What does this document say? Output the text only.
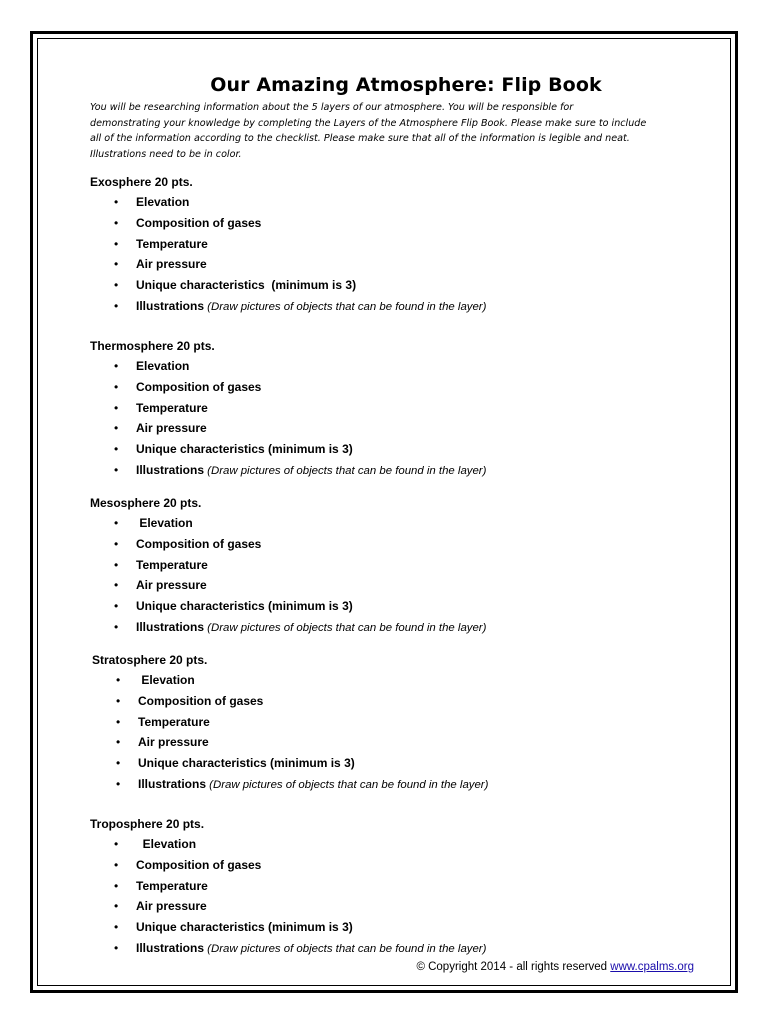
Our Amazing Atmosphere: Flip Book
You will be researching information about the 5 layers of our atmosphere. You will be responsible for
demonstrating your knowledge by completing the Layers of the Atmosphere Flip Book. Please make sure to include
all of the information according to the checklist. Please make sure that all of the information is legible and neat.
Illustrations need to be in color.
Exosphere 20 pts.
• Elevation
• Composition of gases
• Temperature
• Air pressure
• Unique characteristics  (minimum is 3)
• Illustrations (Draw pictures of objects that can be found in the layer)
Thermosphere 20 pts.
• Elevation
• Composition of gases
• Temperature
• Air pressure
• Unique characteristics (minimum is 3)
• Illustrations (Draw pictures of objects that can be found in the layer)
Mesosphere 20 pts.
• Elevation
• Composition of gases
• Temperature
• Air pressure
• Unique characteristics (minimum is 3)
• Illustrations (Draw pictures of objects that can be found in the layer)
Stratosphere 20 pts.
• Elevation
• Composition of gases
• Temperature
• Air pressure
• Unique characteristics (minimum is 3)
• Illustrations (Draw pictures of objects that can be found in the layer)
Troposphere 20 pts.
• Elevation
• Composition of gases
• Temperature
• Air pressure
• Unique characteristics (minimum is 3)
• Illustrations (Draw pictures of objects that can be found in the layer)
© Copyright 2014 - all rights reserved www.cpalms.org
